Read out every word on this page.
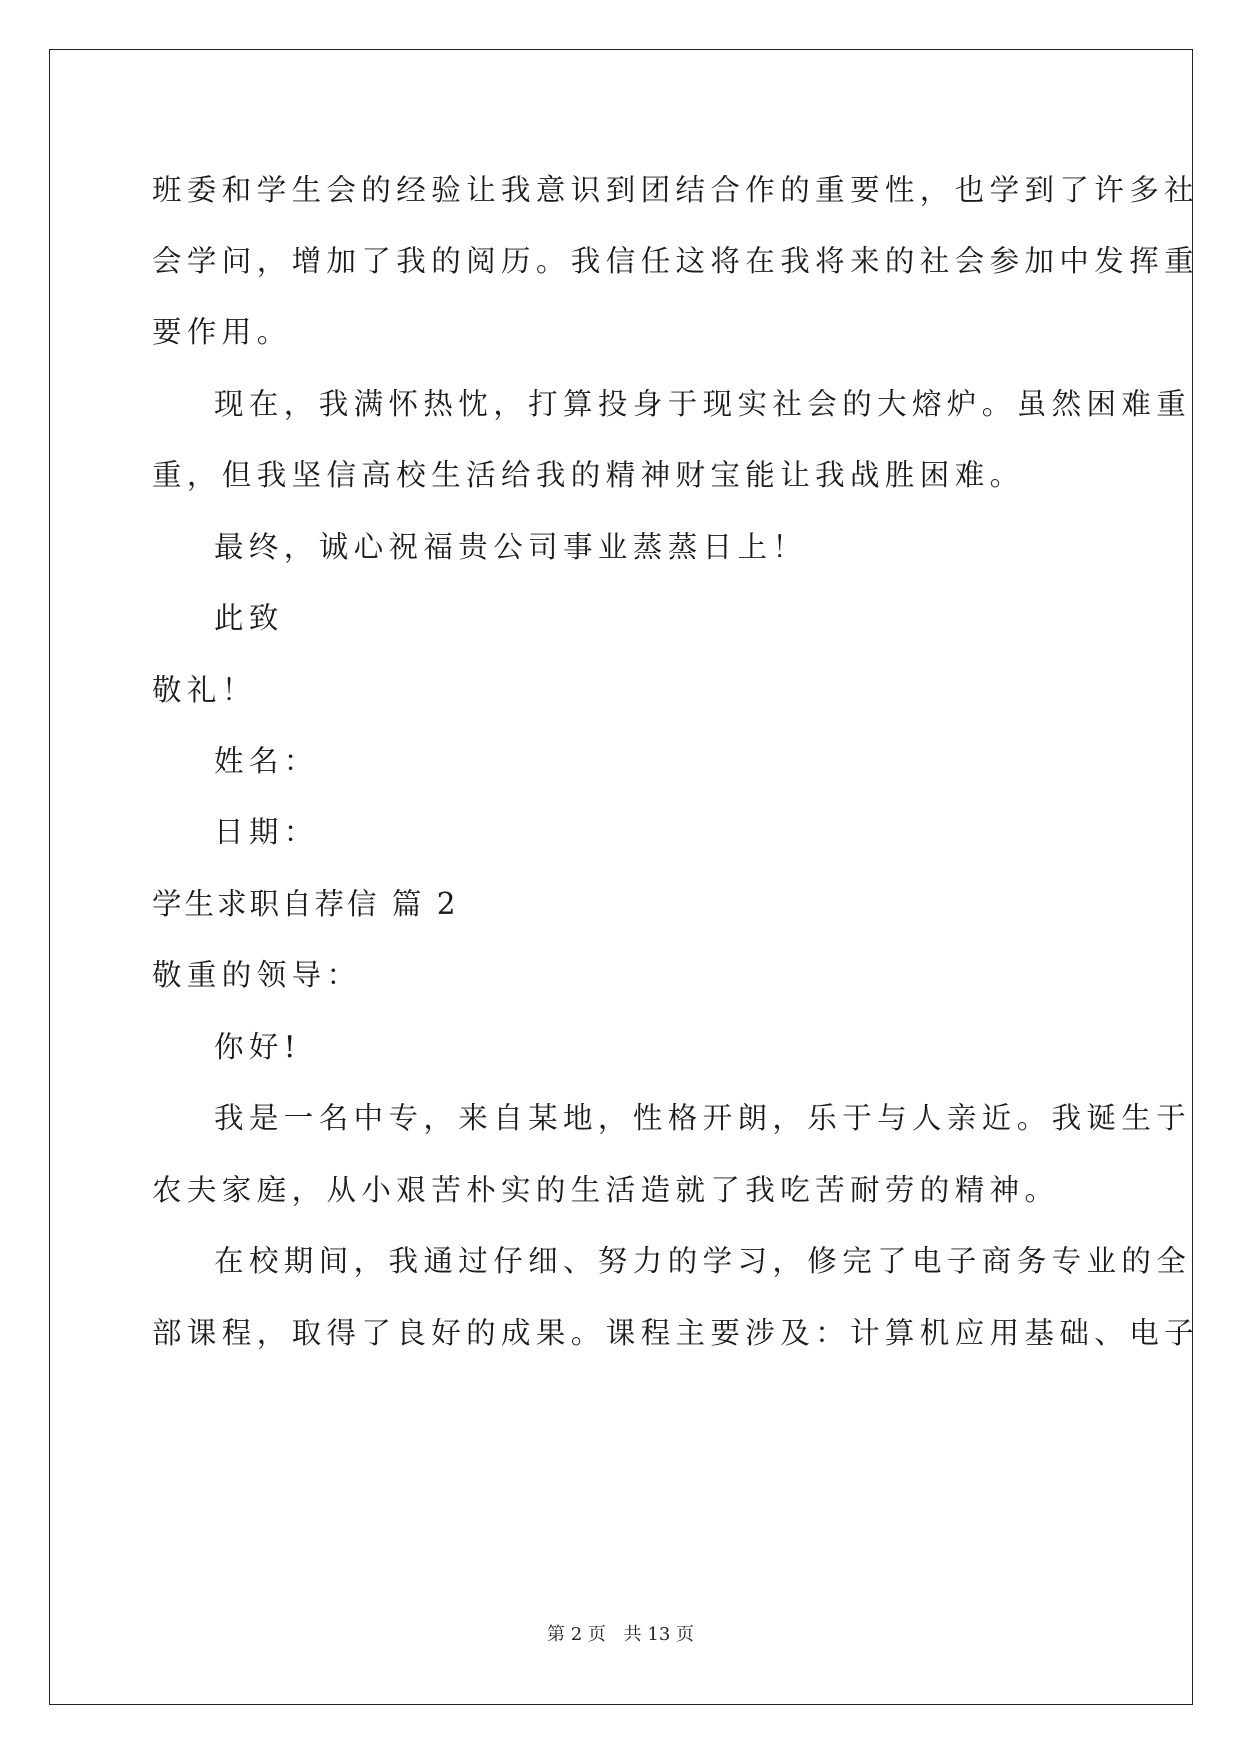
班委和学生会的经验让我意识到团结合作的重要性，也学到了许多社
会学问，增加了我的阅历。我信任这将在我将来的社会参加中发挥重
要作用。
现在，我满怀热忱，打算投身于现实社会的大熔炉。虽然困难重
重，但我坚信高校生活给我的精神财宝能让我战胜困难。
最终，诚心祝福贵公司事业蒸蒸日上！
此致
敬礼！
姓名：
日期：
学生求职自荐信 篇 2
敬重的领导：
你好!
我是一名中专，来自某地，性格开朗，乐于与人亲近。我诞生于
农夫家庭，从小艰苦朴实的生活造就了我吃苦耐劳的精神。
在校期间，我通过仔细、努力的学习，修完了电子商务专业的全
部课程，取得了良好的成果。课程主要涉及：计算机应用基础、电子
第 2 页 共 13 页
